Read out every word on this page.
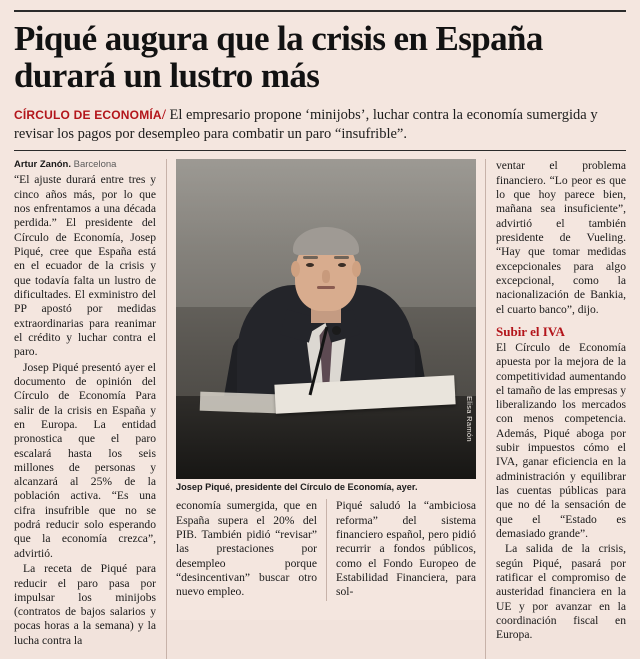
Piqué augura que la crisis en España durará un lustro más
CÍRCULO DE ECONOMÍA/ El empresario propone ‘minijobs’, luchar contra la economía sumergida y revisar los pagos por desempleo para combatir un paro “insufrible”.
Artur Zanón. Barcelona

“El ajuste durará entre tres y cinco años más, por lo que nos enfrentamos a una década perdida.” El presidente del Círculo de Economía, Josep Piqué, cree que España está en el ecuador de la crisis y que todavía falta un lustro de dificultades. El exministro del PP apostó por medidas extraordinarias para reanimar el crédito y luchar contra el paro.

Josep Piqué presentó ayer el documento de opinión del Círculo de Economía Para salir de la crisis en España y en Europa. La entidad pronostica que el paro escalará hasta los seis millones de personas y alcanzará al 25% de la población activa. “Es una cifra insufrible que no se podrá reducir solo esperando que la economía crezca”, advirtió.

La receta de Piqué para reducir el paro pasa por impulsar los minijobs (contratos de bajos salarios y pocas horas a la semana) y la lucha contra la

Elisa Ramón
Josep Piqué, presidente del Círculo de Economía, ayer.

economía sumergida, que en España supera el 20% del PIB. También pidió “revisar” las prestaciones por desempleo porque “desincentivan” buscar otro nuevo empleo.

Piqué saludó la “ambiciosa reforma” del sistema financiero español, pero pidió recurrir a fondos públicos, como el Fondo Europeo de Estabilidad Financiera, para sol-

ventar el problema financiero. “Lo peor es que lo que hoy parece bien, mañana sea insuficiente”, advirtió el también presidente de Vueling. “Hay que tomar medidas excepcionales para algo excepcional, como la nacionalización de Bankia, el cuarto banco”, dijo.

Subir el IVA

El Círculo de Economía apuesta por la mejora de la competitividad aumentando el tamaño de las empresas y liberalizando los mercados con menos competencia. Además, Piqué aboga por subir impuestos cómo el IVA, ganar eficiencia en la administración y equilibrar las cuentas públicas para que no dé la sensación de que el “Estado es demasiado grande”.

La salida de la crisis, según Piqué, pasará por ratificar el compromiso de austeridad financiera en la UE y por avanzar en la coordinación fiscal en Europa.
